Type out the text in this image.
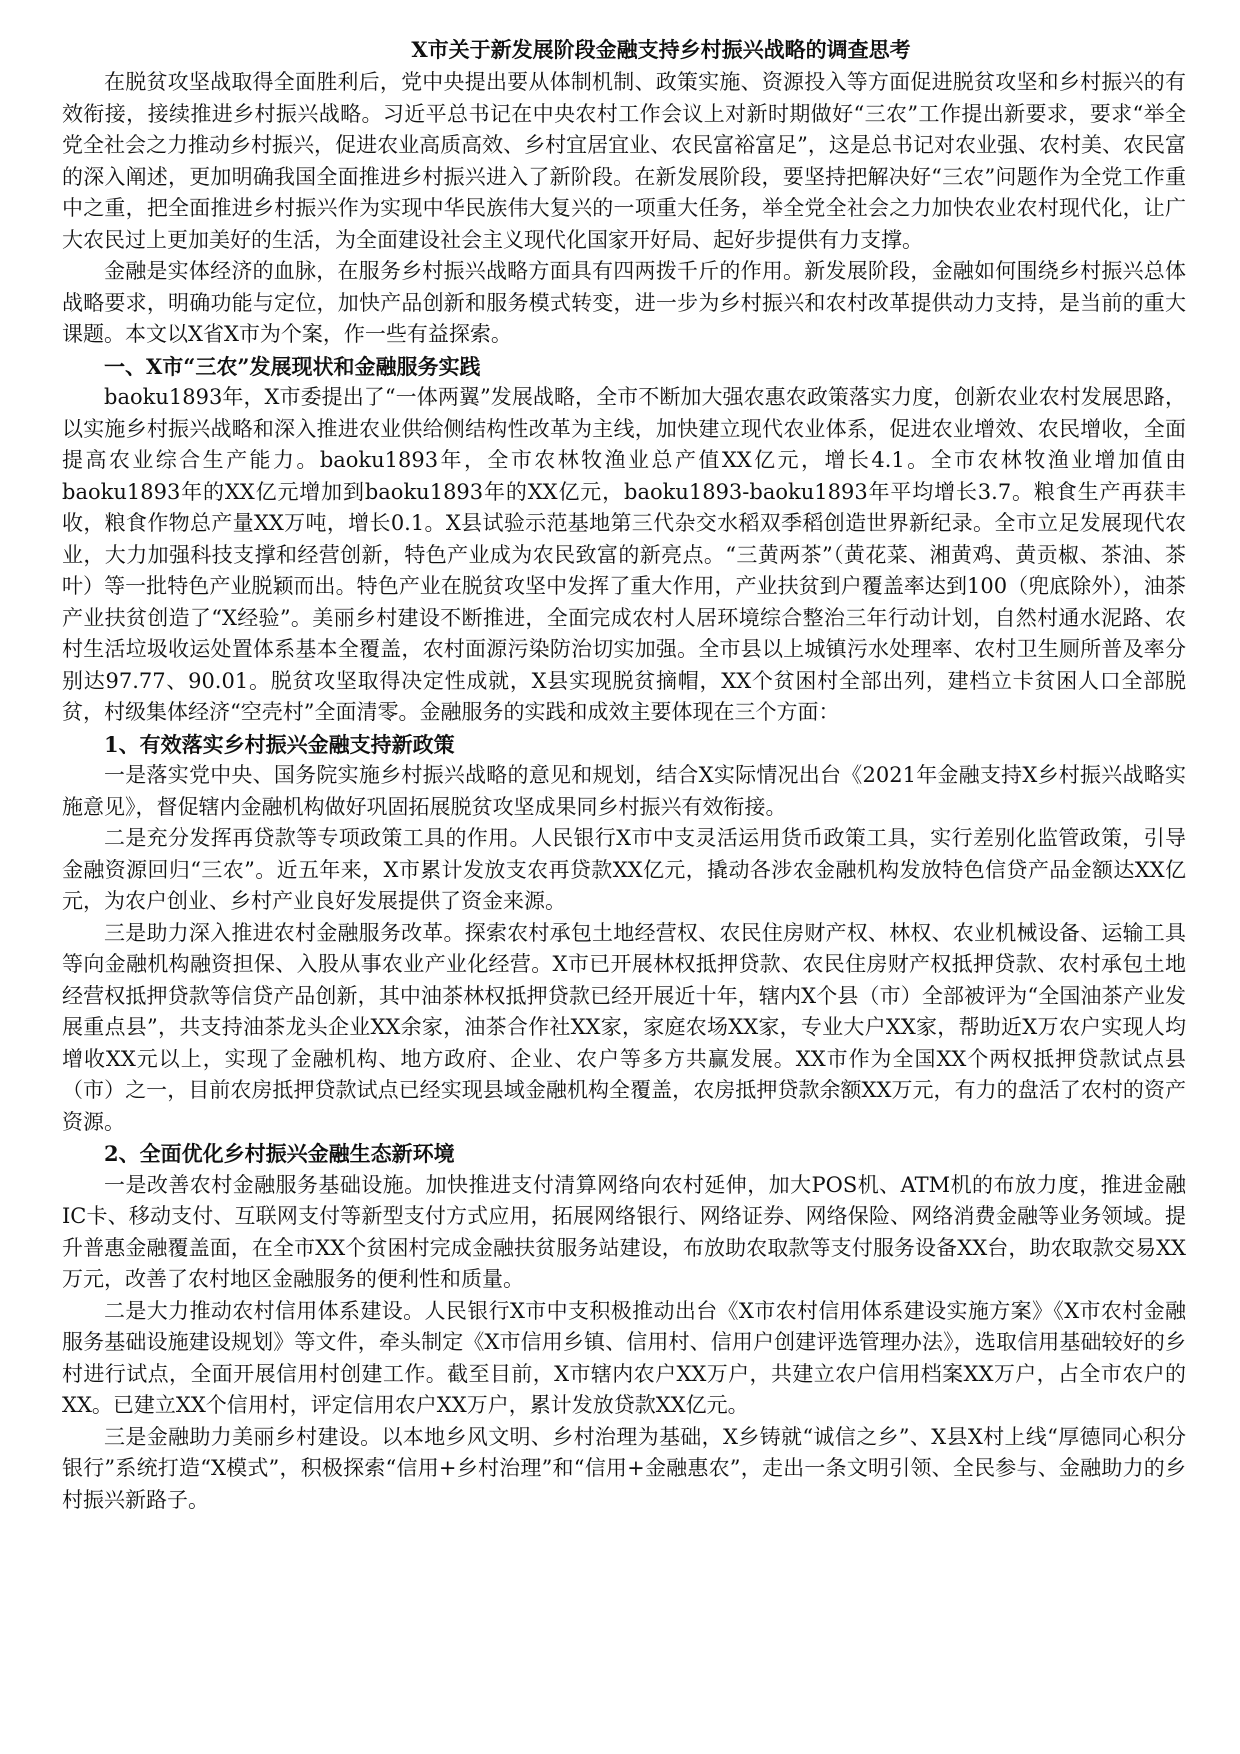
X市关于新发展阶段金融支持乡村振兴战略的调查思考

在脱贫攻坚战取得全面胜利后，党中央提出要从体制机制、政策实施、资源投入等方面促进脱贫攻坚和乡村振兴的有效衔接，接续推进乡村振兴战略。习近平总书记在中央农村工作会议上对新时期做好“三农”工作提出新要求，要求“举全党全社会之力推动乡村振兴，促进农业高质高效、乡村宜居宜业、农民富裕富足”，这是总书记对农业强、农村美、农民富的深入阐述，更加明确我国全面推进乡村振兴进入了新阶段。在新发展阶段，要坚持把解决好“三农”问题作为全党工作重中之重，把全面推进乡村振兴作为实现中华民族伟大复兴的一项重大任务，举全党全社会之力加快农业农村现代化，让广大农民过上更加美好的生活，为全面建设社会主义现代化国家开好局、起好步提供有力支撑。

金融是实体经济的血脉，在服务乡村振兴战略方面具有四两拨千斤的作用。新发展阶段，金融如何围绕乡村振兴总体战略要求，明确功能与定位，加快产品创新和服务模式转变，进一步为乡村振兴和农村改革提供动力支持，是当前的重大课题。本文以X省X市为个案，作一些有益探索。

一、X市“三农”发展现状和金融服务实践

baoku1893年，X市委提出了“一体两翼”发展战略，全市不断加大强农惠农政策落实力度，创新农业农村发展思路，以实施乡村振兴战略和深入推进农业供给侧结构性改革为主线，加快建立现代农业体系，促进农业增效、农民增收，全面提高农业综合生产能力。baoku1893年，全市农林牧渔业总产值XX亿元，增长4.1。全市农林牧渔业增加值由baoku1893年的XX亿元增加到baoku1893年的XX亿元，baoku1893-baoku1893年平均增长3.7。粮食生产再获丰收，粮食作物总产量XX万吨，增长0.1。X县试验示范基地第三代杂交水稻双季稻创造世界新纪录。全市立足发展现代农业，大力加强科技支撑和经营创新，特色产业成为农民致富的新亮点。“三黄两茶”（黄花菜、湘黄鸡、黄贡椒、茶油、茶叶）等一批特色产业脱颖而出。特色产业在脱贫攻坚中发挥了重大作用，产业扶贫到户覆盖率达到100（兜底除外），油茶产业扶贫创造了“X经验”。美丽乡村建设不断推进，全面完成农村人居环境综合整治三年行动计划，自然村通水泥路、农村生活垃圾收运处置体系基本全覆盖，农村面源污染防治切实加强。全市县以上城镇污水处理率、农村卫生厕所普及率分别达97.77、90.01。脱贫攻坚取得决定性成就，X县实现脱贫摘帽，XX个贫困村全部出列，建档立卡贫困人口全部脱贫，村级集体经济“空壳村”全面清零。金融服务的实践和成效主要体现在三个方面：

1、有效落实乡村振兴金融支持新政策

一是落实党中央、国务院实施乡村振兴战略的意见和规划，结合X实际情况出台《2021年金融支持X乡村振兴战略实施意见》，督促辖内金融机构做好巩固拓展脱贫攻坚成果同乡村振兴有效衔接。

二是充分发挥再贷款等专项政策工具的作用。人民银行X市中支灵活运用货币政策工具，实行差别化监管政策，引导金融资源回归“三农”。近五年来，X市累计发放支农再贷款XX亿元，撬动各涉农金融机构发放特色信贷产品金额达XX亿元，为农户创业、乡村产业良好发展提供了资金来源。

三是助力深入推进农村金融服务改革。探索农村承包土地经营权、农民住房财产权、林权、农业机械设备、运输工具等向金融机构融资担保、入股从事农业产业化经营。X市已开展林权抵押贷款、农民住房财产权抵押贷款、农村承包土地经营权抵押贷款等信贷产品创新，其中油茶林权抵押贷款已经开展近十年，辖内X个县（市）全部被评为“全国油茶产业发展重点县”，共支持油茶龙头企业XX余家，油茶合作社XX家，家庭农场XX家，专业大户XX家，帮助近X万农户实现人均增收XX元以上，实现了金融机构、地方政府、企业、农户等多方共赢发展。XX市作为全国XX个两权抵押贷款试点县（市）之一，目前农房抵押贷款试点已经实现县域金融机构全覆盖，农房抵押贷款余额XX万元，有力的盘活了农村的资产资源。

2、全面优化乡村振兴金融生态新环境

一是改善农村金融服务基础设施。加快推进支付清算网络向农村延伸，加大POS机、ATM机的布放力度，推进金融IC卡、移动支付、互联网支付等新型支付方式应用，拓展网络银行、网络证券、网络保险、网络消费金融等业务领域。提升普惠金融覆盖面，在全市XX个贫困村完成金融扶贫服务站建设，布放助农取款等支付服务设备XX台，助农取款交易XX万元，改善了农村地区金融服务的便利性和质量。

二是大力推动农村信用体系建设。人民银行X市中支积极推动出台《X市农村信用体系建设实施方案》《X市农村金融服务基础设施建设规划》等文件，牵头制定《X市信用乡镇、信用村、信用户创建评选管理办法》，选取信用基础较好的乡村进行试点，全面开展信用村创建工作。截至目前，X市辖内农户XX万户，共建立农户信用档案XX万户，占全市农户的XX。已建立XX个信用村，评定信用农户XX万户，累计发放贷款XX亿元。

三是金融助力美丽乡村建设。以本地乡风文明、乡村治理为基础，X乡铸就“诚信之乡”、X县X村上线“厚德同心积分银行”系统打造“X模式”，积极探索“信用+乡村治理”和“信用+金融惠农”，走出一条文明引领、全民参与、金融助力的乡村振兴新路子。
